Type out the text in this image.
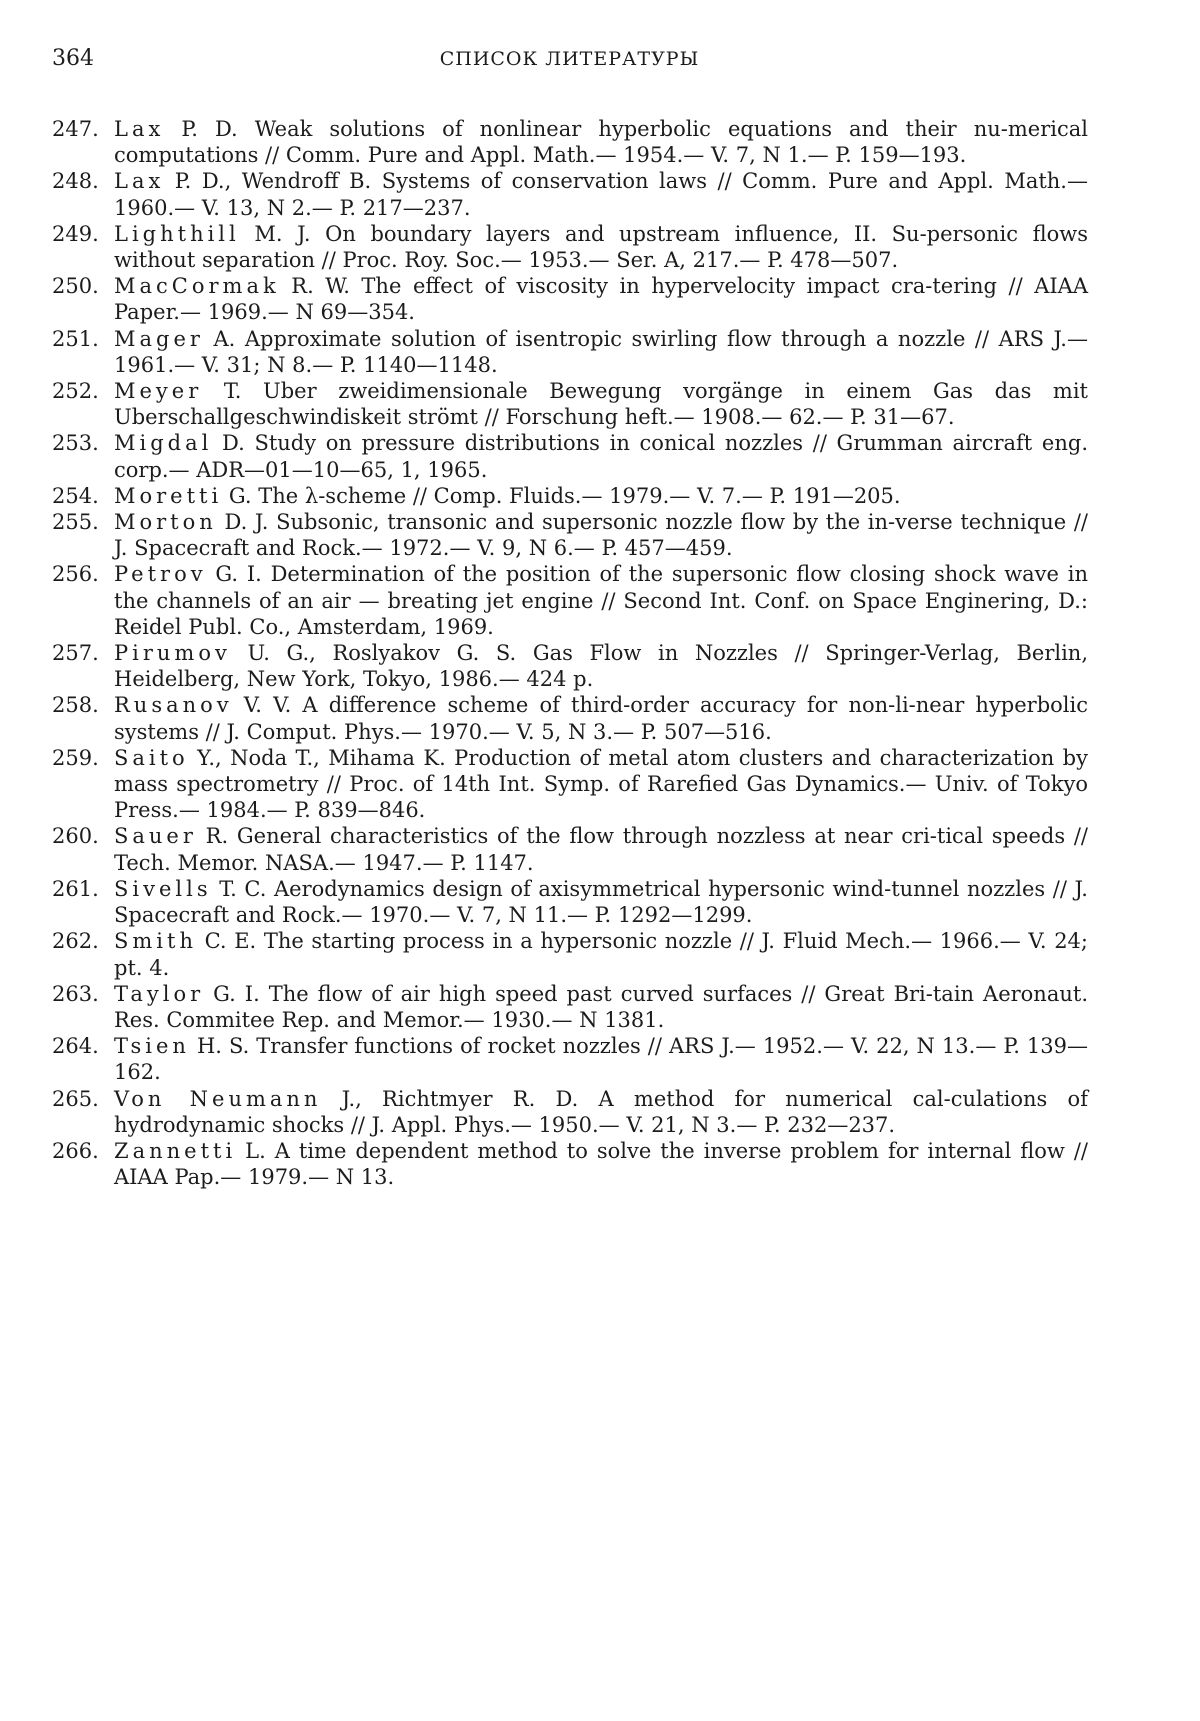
364	СПИСОК ЛИТЕРАТУРЫ
247. Lax P. D. Weak solutions of nonlinear hyperbolic equations and their nu-merical computations // Comm. Pure and Appl. Math.— 1954.— V. 7, N 1.— P. 159—193.
248. Lax P. D., Wendroff B. Systems of conservation laws // Comm. Pure and Appl. Math.— 1960.— V. 13, N 2.— P. 217—237.
249. Lighthill M. J. On boundary layers and upstream influence, II. Su-personic flows without separation // Proc. Roy. Soc.— 1953.— Ser. A, 217.— P. 478—507.
250. MacCormak R. W. The effect of viscosity in hypervelocity impact cra-tering // AIAA Paper.— 1969.— N 69—354.
251. Mager A. Approximate solution of isentropic swirling flow through a nozzle // ARS J.— 1961.— V. 31; N 8.— P. 1140—1148.
252. Meyer T. Uber zweidimensionale Bewegung vorgänge in einem Gas das mit Uberschallgeschwindiskeit strömt // Forschung heft.— 1908.— 62.— P. 31—67.
253. Migdal D. Study on pressure distributions in conical nozzles // Grumman aircraft eng. corp.— ADR—01—10—65, 1, 1965.
254. Moretti G. The λ-scheme // Comp. Fluids.— 1979.— V. 7.— P. 191—205.
255. Morton D. J. Subsonic, transonic and supersonic nozzle flow by the in-verse technique // J. Spacecraft and Rock.— 1972.— V. 9, N 6.— P. 457—459.
256. Petrov G. I. Determination of the position of the supersonic flow closing shock wave in the channels of an air — breating jet engine // Second Int. Conf. on Space Enginering, D.: Reidel Publ. Co., Amsterdam, 1969.
257. Pirumov U. G., Roslyakov G. S. Gas Flow in Nozzles // Springer-Verlag, Berlin, Heidelberg, New York, Tokyo, 1986.— 424 p.
258. Rusanov V. V. A difference scheme of third-order accuracy for non-li-near hyperbolic systems // J. Comput. Phys.— 1970.— V. 5, N 3.— P. 507—516.
259. Saito Y., Noda T., Mihama K. Production of metal atom clusters and characterization by mass spectrometry // Proc. of 14th Int. Symp. of Rarefied Gas Dynamics.— Univ. of Tokyo Press.— 1984.— P. 839—846.
260. Sauer R. General characteristics of the flow through nozzless at near cri-tical speeds // Tech. Memor. NASA.— 1947.— P. 1147.
261. Sivells T. C. Aerodynamics design of axisymmetrical hypersonic wind-tunnel nozzles // J. Spacecraft and Rock.— 1970.— V. 7, N 11.— P. 1292—1299.
262. Smith C. E. The starting process in a hypersonic nozzle // J. Fluid Mech.— 1966.— V. 24; pt. 4.
263. Taylor G. I. The flow of air high speed past curved surfaces // Great Bri-tain Aeronaut. Res. Commitee Rep. and Memor.— 1930.— N 1381.
264. Tsien H. S. Transfer functions of rocket nozzles // ARS J.— 1952.— V. 22, N 13.— P. 139—162.
265. Von Neumann J., Richtmyer R. D. A method for numerical cal-culations of hydrodynamic shocks // J. Appl. Phys.— 1950.— V. 21, N 3.— P. 232—237.
266. Zannetti L. A time dependent method to solve the inverse problem for internal flow // AIAA Pap.— 1979.— N 13.
